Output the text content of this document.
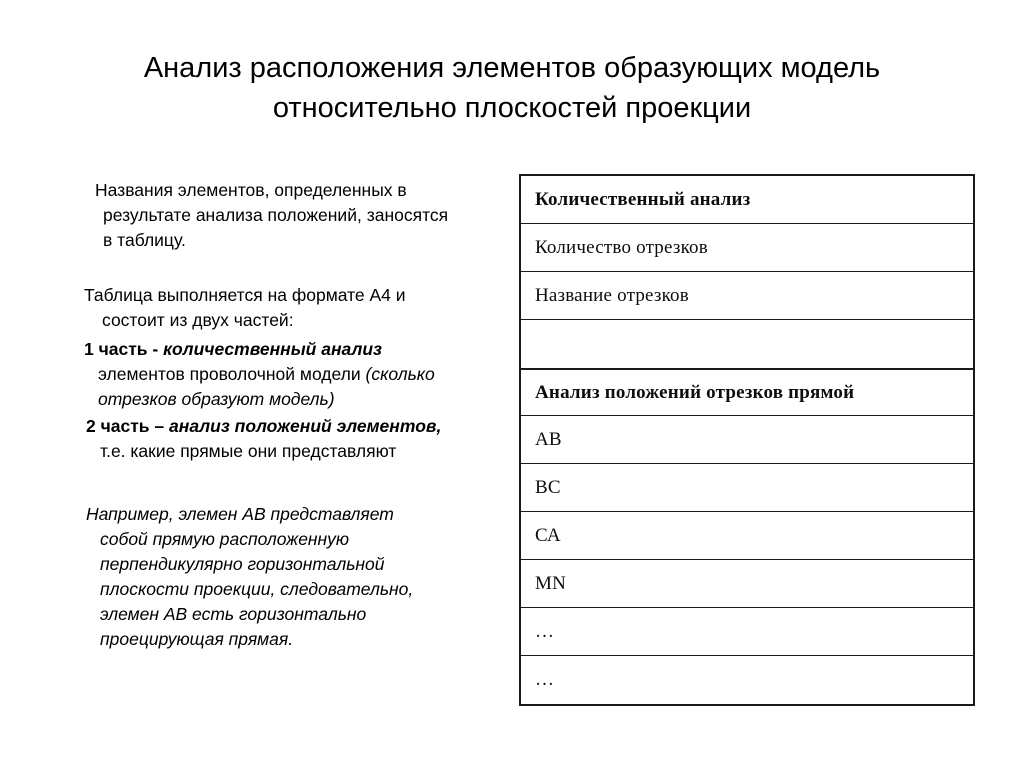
Анализ расположения элементов образующих модель
относительно плоскостей проекции

Названия элементов, определенных в
результате анализа положений, заносятся
в таблицу.

Таблица выполняется на формате А4 и
состоит из двух частей:

1 часть - количественный анализ
элементов проволочной модели (сколько
отрезков образуют модель)

2 часть – анализ положений элементов,
т.е. какие прямые они представляют

Например, элемен АВ представляет
собой прямую расположенную
перпендикулярно горизонтальной
плоскости проекции, следовательно,
элемен АВ есть горизонтально
проецирующая прямая.

Количественный анализ
Количество отрезков
Название отрезков
Анализ положений отрезков прямой
АВ
ВС
СА
МN
…
…
